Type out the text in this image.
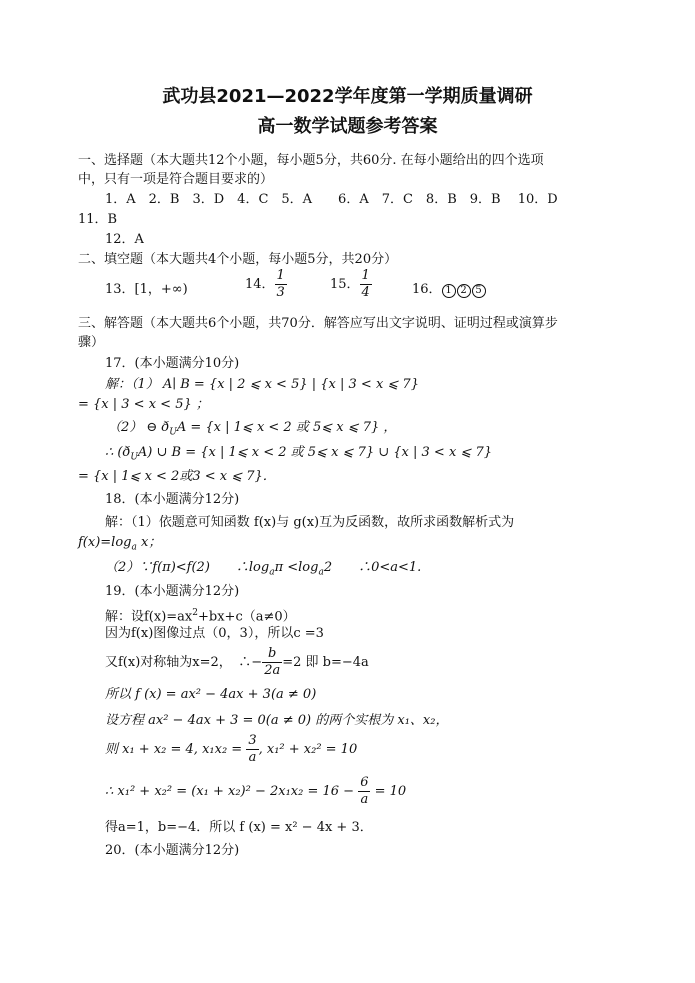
武功县2021—2022学年度第一学期质量调研
高一数学试题参考答案
一、选择题（本大题共12个小题，每小题5分，共60分. 在每小题给出的四个选项
中，只有一项是符合题目要求的）
1．A　2．B　3．D　4．C　5．A　　6．A　7．C　8．B　9．B　 10．D
11．B
12．A
二、填空题（本大题共4个小题，每小题5分，共20分）
13．[1，+∞)	14． $\frac{1}{3}$	15． $\frac{1}{4}$	16． 1 2 5
三、解答题（本大题共6个小题，共70分．解答应写出文字说明、证明过程或演算步
骤）
17．(本小题满分10分)
解：（1） A∣ B = {x | 2 ⩽ x < 5} | {x | 3 < x ⩽ 7}
= {x | 3 < x < 5} ；
（2） ⊖ $ð_UA = \{x$ | 1⩽ x < 2 或 5⩽ x ⩽ 7} ，
∴ $(ð_UA)$ ∪ B = {x | 1⩽ x < 2 或 5⩽ x ⩽ 7} ∪ {x | 3 < x ⩽ 7}
= {x | 1⩽ x < 2或3 < x ⩽ 7}．
18．(本小题满分12分)
解：（1）依题意可知函数 f(x)与 g(x)互为反函数，故所求函数解析式为
$f(x)=\log_a$ x；
（2）∵f(π)<f(2)　　$\therefore\log_a\pi <\log_a2$　　∴0<a<1.
19．(本小题满分12分)
解：设$f(x)=ax^2+bx+c(a\ne 0)$
因为f(x)图像过点（0，3），所以c =3
又f(x)对称轴为x=2，　∴− $\frac{b}{2a} =2$ 即 b=−4a
所以 f (x) = ax² − 4ax + 3(a ≠ 0)
设方程 ax² − 4ax + 3 = 0(a ≠ 0) 的两个实根为 x₁、x₂，
则 x₁ + x₂ = 4, $x_1x_2 = \frac{3}{a}$ , x₁² + x₂² = 10
∴ $x_1^2 + x_2^2 = (x_1 + x_2)^2 - 2x_1x_2 = 16 - \frac{6}{a} = 10$
得a=1，b=−4．所以 f (x) = x² − 4x + 3．
20．(本小题满分12分)
